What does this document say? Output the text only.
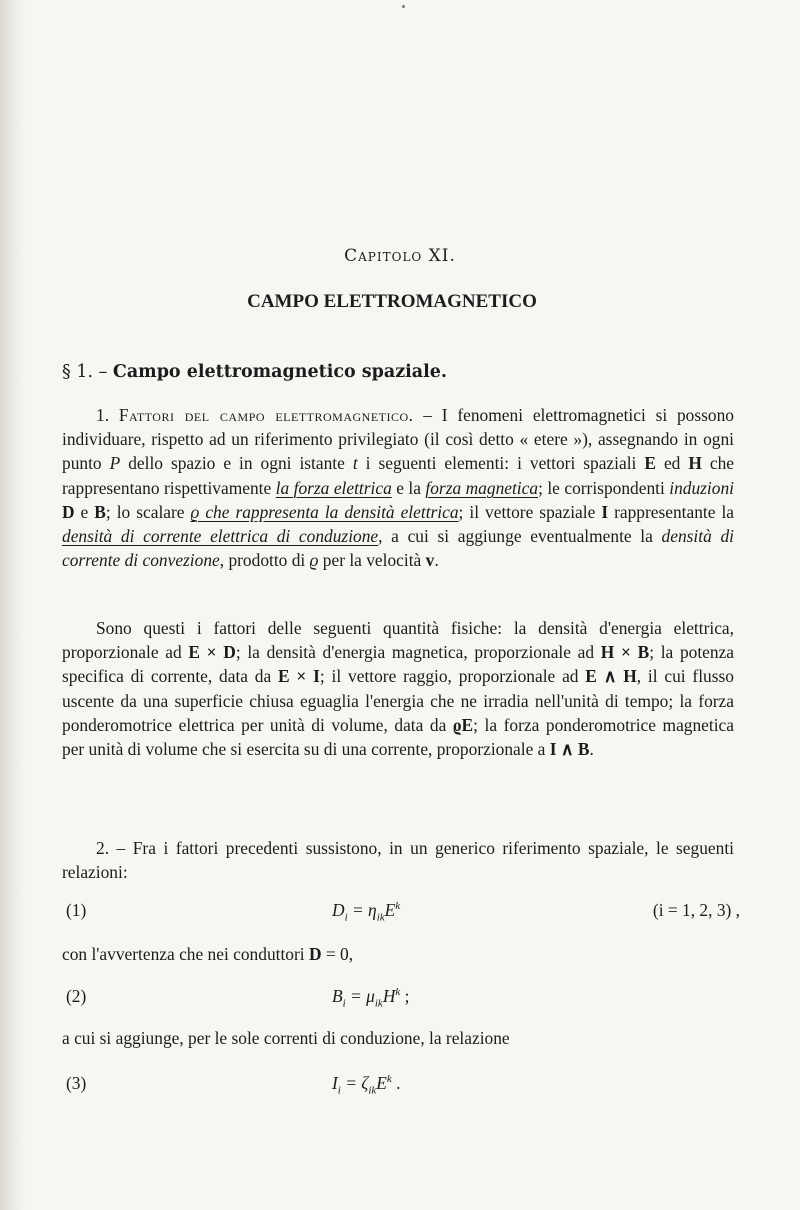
Capitolo XI.
CAMPO ELETTROMAGNETICO
§ 1. – Campo elettromagnetico spaziale.
1. Fattori del campo elettromagnetico. – I fenomeni elettromagnetici si possono individuare, rispetto ad un riferimento privilegiato (il così detto « etere »), assegnando in ogni punto P dello spazio e in ogni istante t i seguenti elementi: i vettori spaziali E ed H che rappresentano rispettivamente la forza elettrica e la forza magnetica; le corrispondenti induzioni D e B; lo scalare ϱ che rappresenta la densità elettrica; il vettore spaziale I rappresentante la densità di corrente elettrica di conduzione, a cui si aggiunge eventualmente la densità di corrente di convezione, prodotto di ϱ per la velocità v.
Sono questi i fattori delle seguenti quantità fisiche: la densità d'energia elettrica, proporzionale ad E × D; la densità d'energia magnetica, proporzionale ad H × B; la potenza specifica di corrente, data da E × I; il vettore raggio, proporzionale ad E ∧ H, il cui flusso uscente da una superficie chiusa eguaglia l'energia che ne irradia nell'unità di tempo; la forza ponderomotrice elettrica per unità di volume, data da ϱE; la forza ponderomotrice magnetica per unità di volume che si esercita su di una corrente, proporzionale a I ∧ B.
2. – Fra i fattori precedenti sussistono, in un generico riferimento spaziale, le seguenti relazioni:
(1)	$D_i = \eta_{ik}E^k$	(i = 1, 2, 3) ,
con l'avvertenza che nei conduttori D = 0,
(2)	$B_i = \mu_{ik}H^k$ ;
a cui si aggiunge, per le sole correnti di conduzione, la relazione
(3)	$I_i = \zeta_{ik}E^k$ .
